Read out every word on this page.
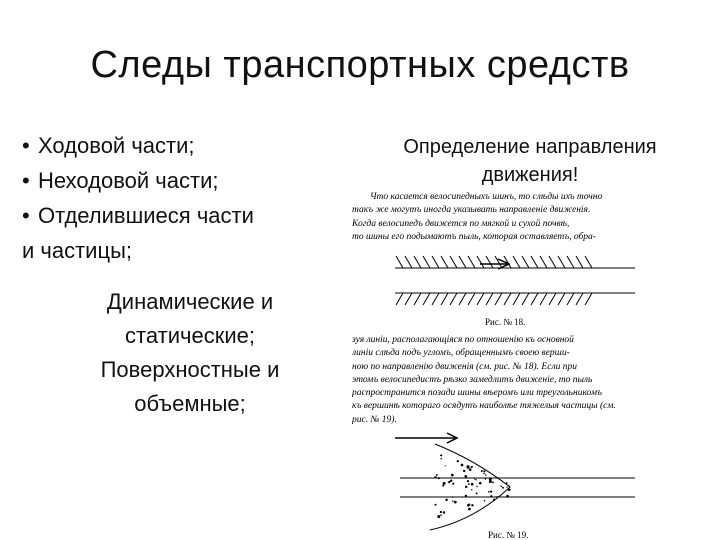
Следы транспортных средств
• Ходовой части;
• Неходовой части;
• Отделившиеся части
и частицы;
Динамические и
статические;
Поверхностные и
объемные;
Определение направления
движения!
Что касается велосипедныхъ шинъ, то слѣды ихъ точно
такъ же могутъ иногда указывать направленіе движенія.
Когда велосипедъ движется по мягкой и сухой почвѣ,
то шины его подымаютъ пыль, которая оставляетъ, обра-
Рис. № 18.
зуя линіи, располагающіяся по отношенію къ основной
линіи слѣда подъ угломъ, обращеннымъ своею верши-
ною по направленію движенія (см. рис. № 18). Если при
этомъ велосипедистъ рѣзко замедлитъ движеніе, то пыль
распространится позади шины вѣеромъ или треугольникомъ
къ вершинѣ котораго осядутъ наиболѣе тяжелыя частицы (см.
рис. № 19).
Рис. № 19.
